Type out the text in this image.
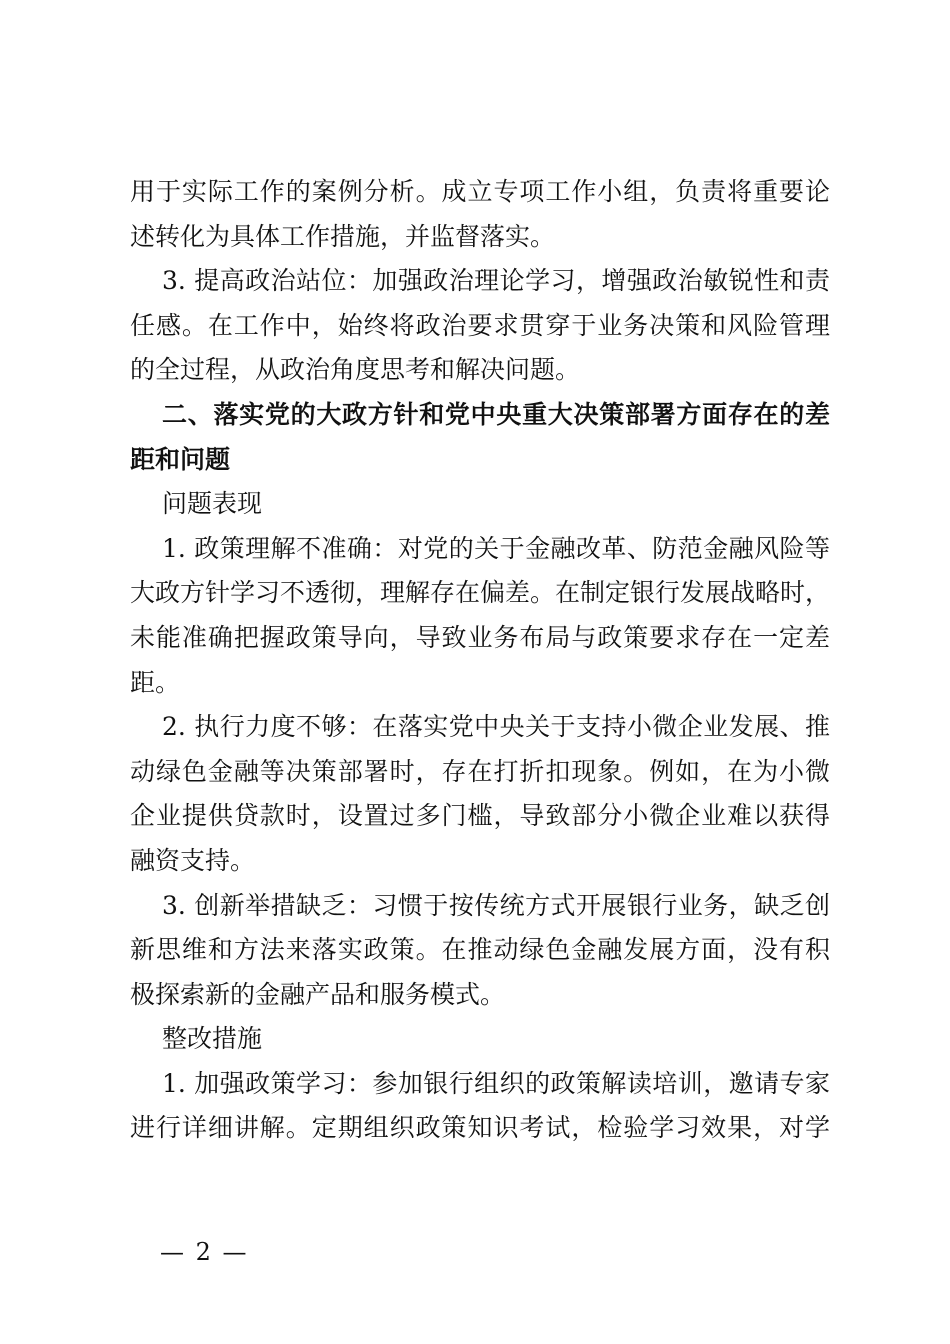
用于实际工作的案例分析。成立专项工作小组，负责将重要论
述转化为具体工作措施，并监督落实。
3. 提高政治站位：加强政治理论学习，增强政治敏锐性和责
任感。在工作中，始终将政治要求贯穿于业务决策和风险管理
的全过程，从政治角度思考和解决问题。
二、落实党的大政方针和党中央重大决策部署方面存在的差
距和问题
问题表现
1. 政策理解不准确：对党的关于金融改革、防范金融风险等
大政方针学习不透彻，理解存在偏差。在制定银行发展战略时，
未能准确把握政策导向，导致业务布局与政策要求存在一定差
距。
2. 执行力度不够：在落实党中央关于支持小微企业发展、推
动绿色金融等决策部署时，存在打折扣现象。例如，在为小微
企业提供贷款时，设置过多门槛，导致部分小微企业难以获得
融资支持。
3. 创新举措缺乏：习惯于按传统方式开展银行业务，缺乏创
新思维和方法来落实政策。在推动绿色金融发展方面，没有积
极探索新的金融产品和服务模式。
整改措施
1. 加强政策学习：参加银行组织的政策解读培训，邀请专家
进行详细讲解。定期组织政策知识考试，检验学习效果，对学
— 2 —
